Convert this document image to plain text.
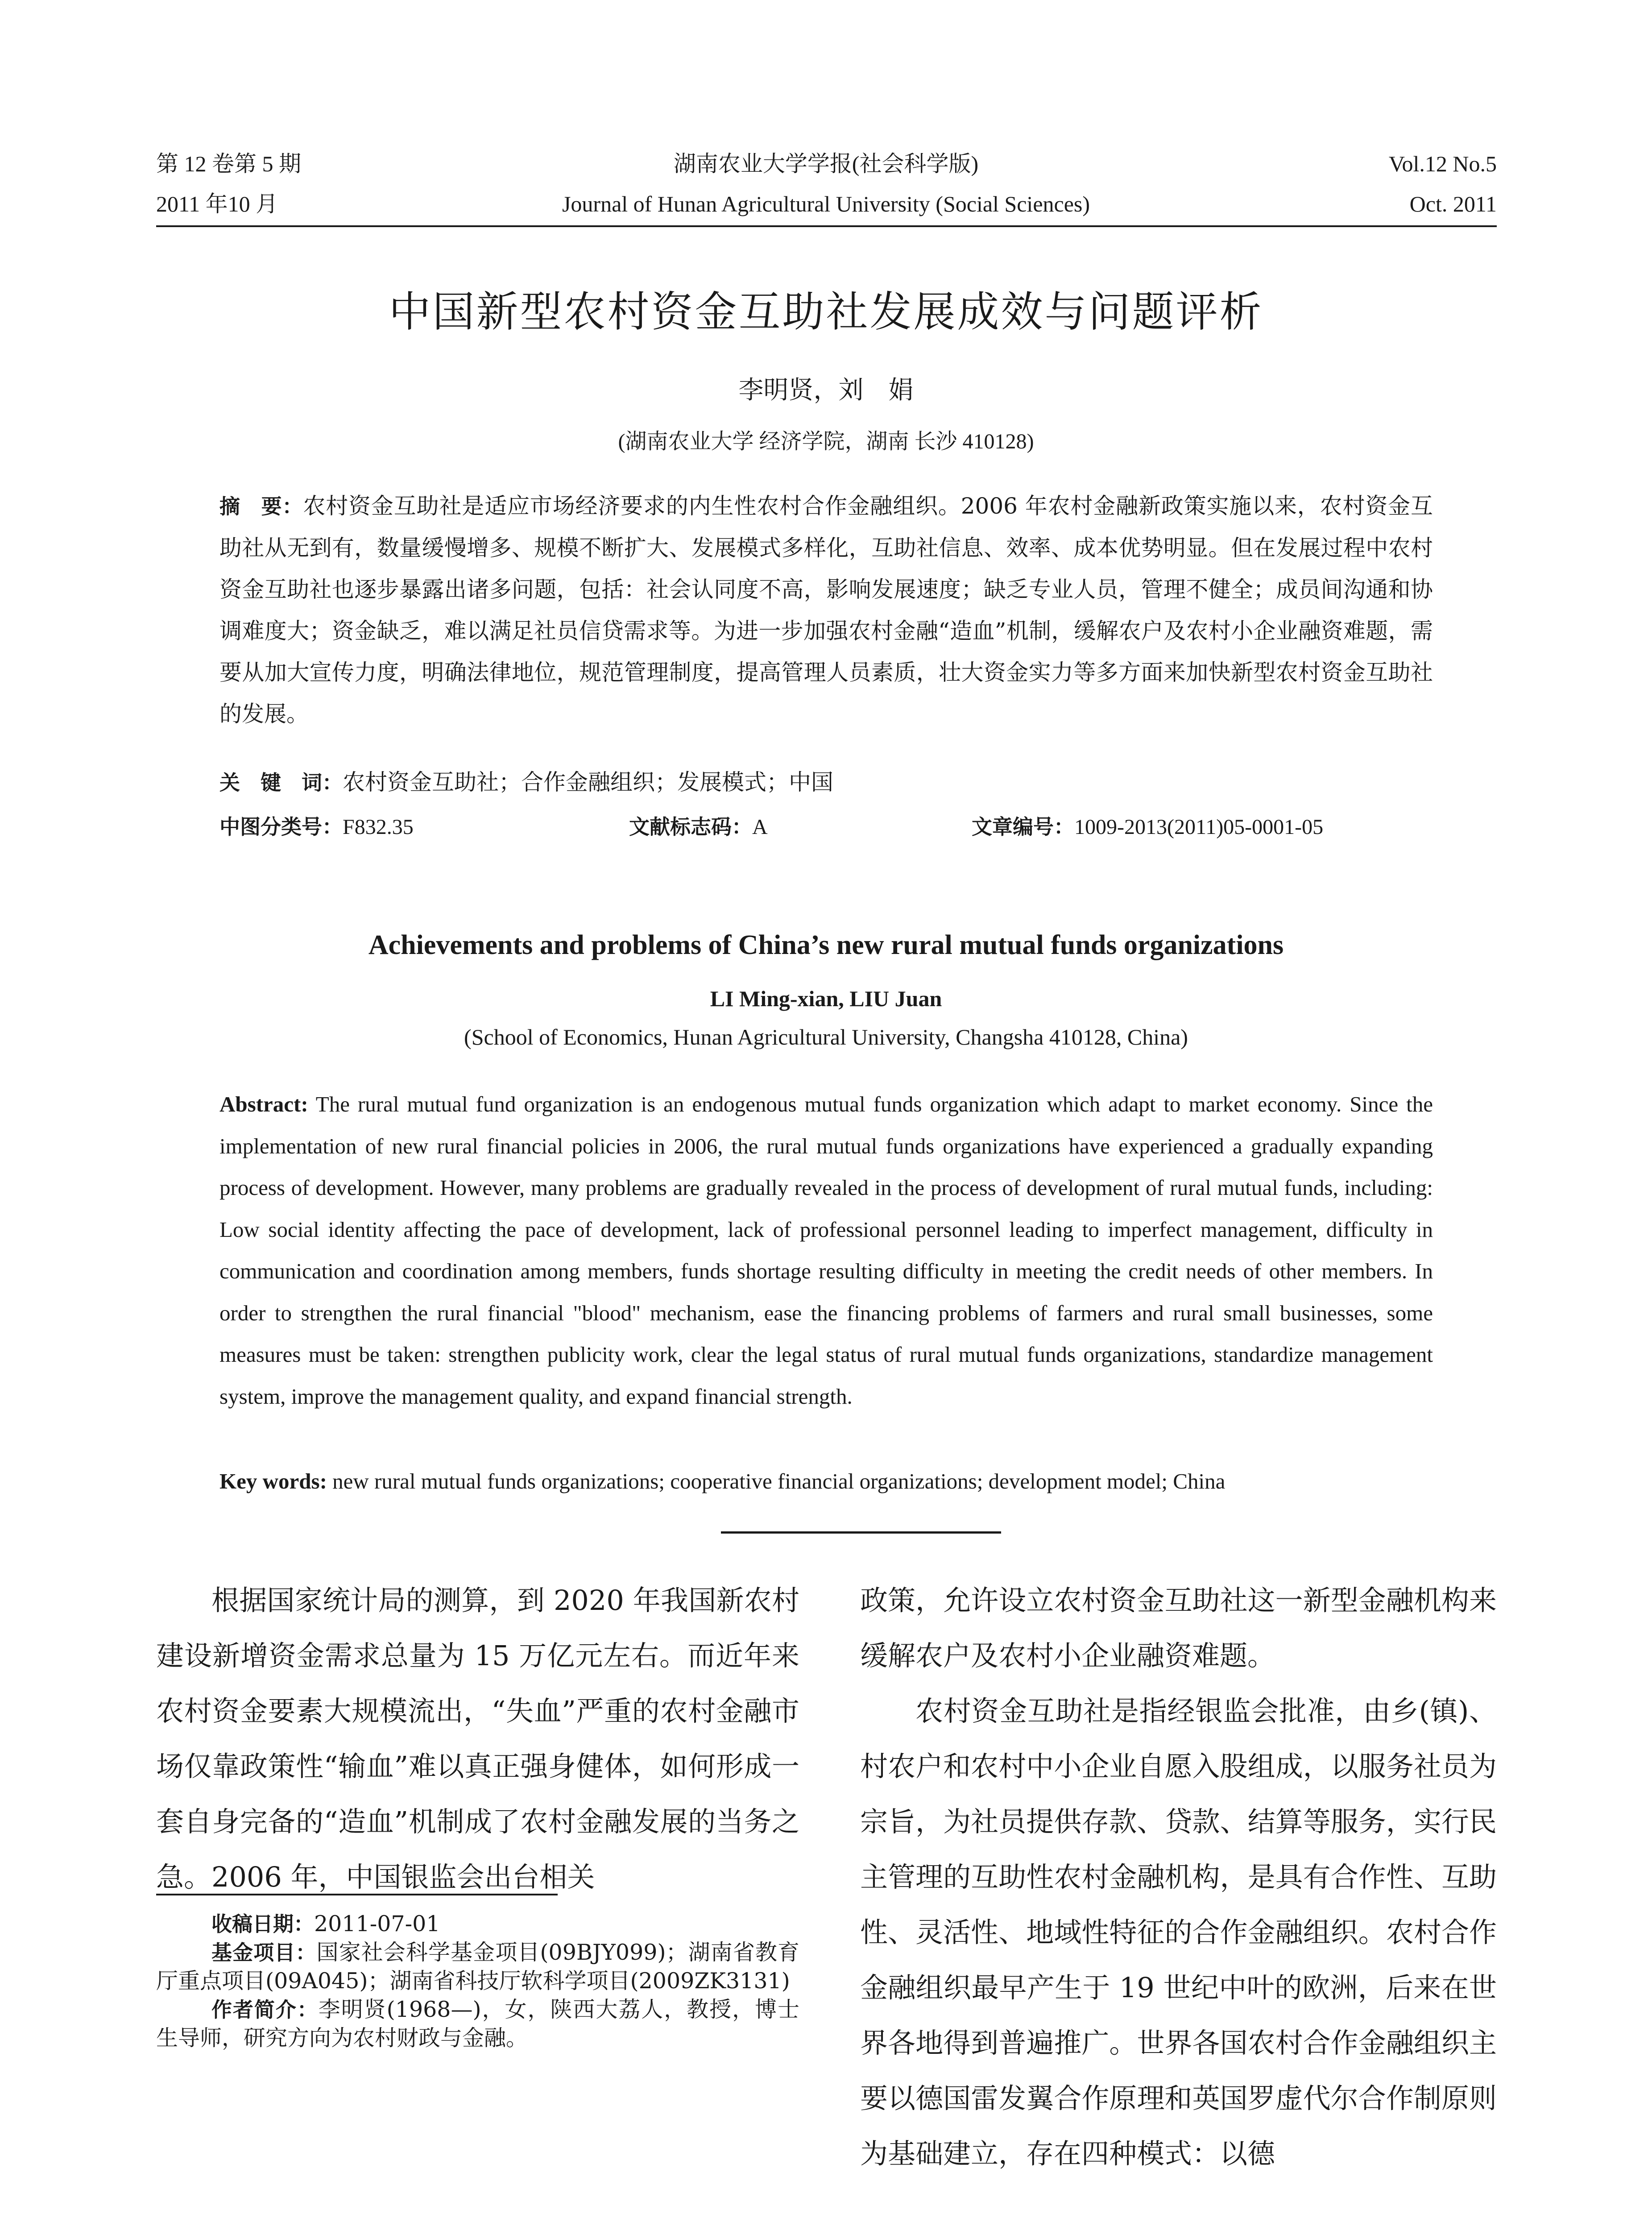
第 12 卷第 5 期
2011 年10 月
湖南农业大学学报(社会科学版)
Journal of Hunan Agricultural University (Social Sciences)
Vol.12 No.5
Oct. 2011
中国新型农村资金互助社发展成效与问题评析
李明贤，刘　娟
(湖南农业大学 经济学院，湖南 长沙 410128)
摘　要：农村资金互助社是适应市场经济要求的内生性农村合作金融组织。2006 年农村金融新政策实施以来，农村资金互助社从无到有，数量缓慢增多、规模不断扩大、发展模式多样化，互助社信息、效率、成本优势明显。但在发展过程中农村资金互助社也逐步暴露出诸多问题，包括：社会认同度不高，影响发展速度；缺乏专业人员，管理不健全；成员间沟通和协调难度大；资金缺乏，难以满足社员信贷需求等。为进一步加强农村金融“造血”机制，缓解农户及农村小企业融资难题，需要从加大宣传力度，明确法律地位，规范管理制度，提高管理人员素质，壮大资金实力等多方面来加快新型农村资金互助社的发展。
关　键　词：农村资金互助社；合作金融组织；发展模式；中国
中图分类号：F832.35	文献标志码：A	文章编号：1009-2013(2011)05-0001-05
Achievements and problems of China’s new rural mutual funds organizations
LI Ming-xian, LIU Juan
(School of Economics, Hunan Agricultural University, Changsha 410128, China)
Abstract: The rural mutual fund organization is an endogenous mutual funds organization which adapt to market economy. Since the implementation of new rural financial policies in 2006, the rural mutual funds organizations have experienced a gradually expanding process of development. However, many problems are gradually revealed in the process of development of rural mutual funds, including: Low social identity affecting the pace of development, lack of professional personnel leading to imperfect management, difficulty in communication and coordination among members, funds shortage resulting difficulty in meeting the credit needs of other members. In order to strengthen the rural financial "blood" mechanism, ease the financing problems of farmers and rural small businesses, some measures must be taken: strengthen publicity work, clear the legal status of rural mutual funds organizations, standardize management system, improve the management quality, and expand financial strength.
Key words: new rural mutual funds organizations; cooperative financial organizations; development model; China

根据国家统计局的测算，到 2020 年我国新农村建设新增资金需求总量为 15 万亿元左右。而近年来 农村资金要素大规模流出，“失血”严重的农村金融市场仅靠政策性“输血”难以真正强身健体，如何形成一套自身完备的“造血”机制成了农村金融发展的当务之急。2006 年，中国银监会出台相关

政策，允许设立农村资金互助社这一新型金融机构来缓解农户及农村小企业融资难题。

农村资金互助社是指经银监会批准，由乡(镇)、村农户和农村中小企业自愿入股组成，以服务社员为宗旨，为社员提供存款、贷款、结算等服务，实行民主管理的互助性农村金融机构，是具有合作性、互助性、灵活性、地域性特征的合作金融组织。农村合作金融组织最早产生于 19 世纪中叶的欧洲，后来在世界各地得到普遍推广。世界各国农村合作金融组织主要以德国雷发翼合作原理和英国罗虚代尔合作制原则为基础建立，存在四种模式：以德

收稿日期：2011-07-01
基金项目：国家社会科学基金项目(09BJY099)；湖南省教育厅重点项目(09A045)；湖南省科技厅软科学项目(2009ZK3131)
作者简介：李明贤(1968—)，女，陕西大荔人，教授，博士生导师，研究方向为农村财政与金融。
